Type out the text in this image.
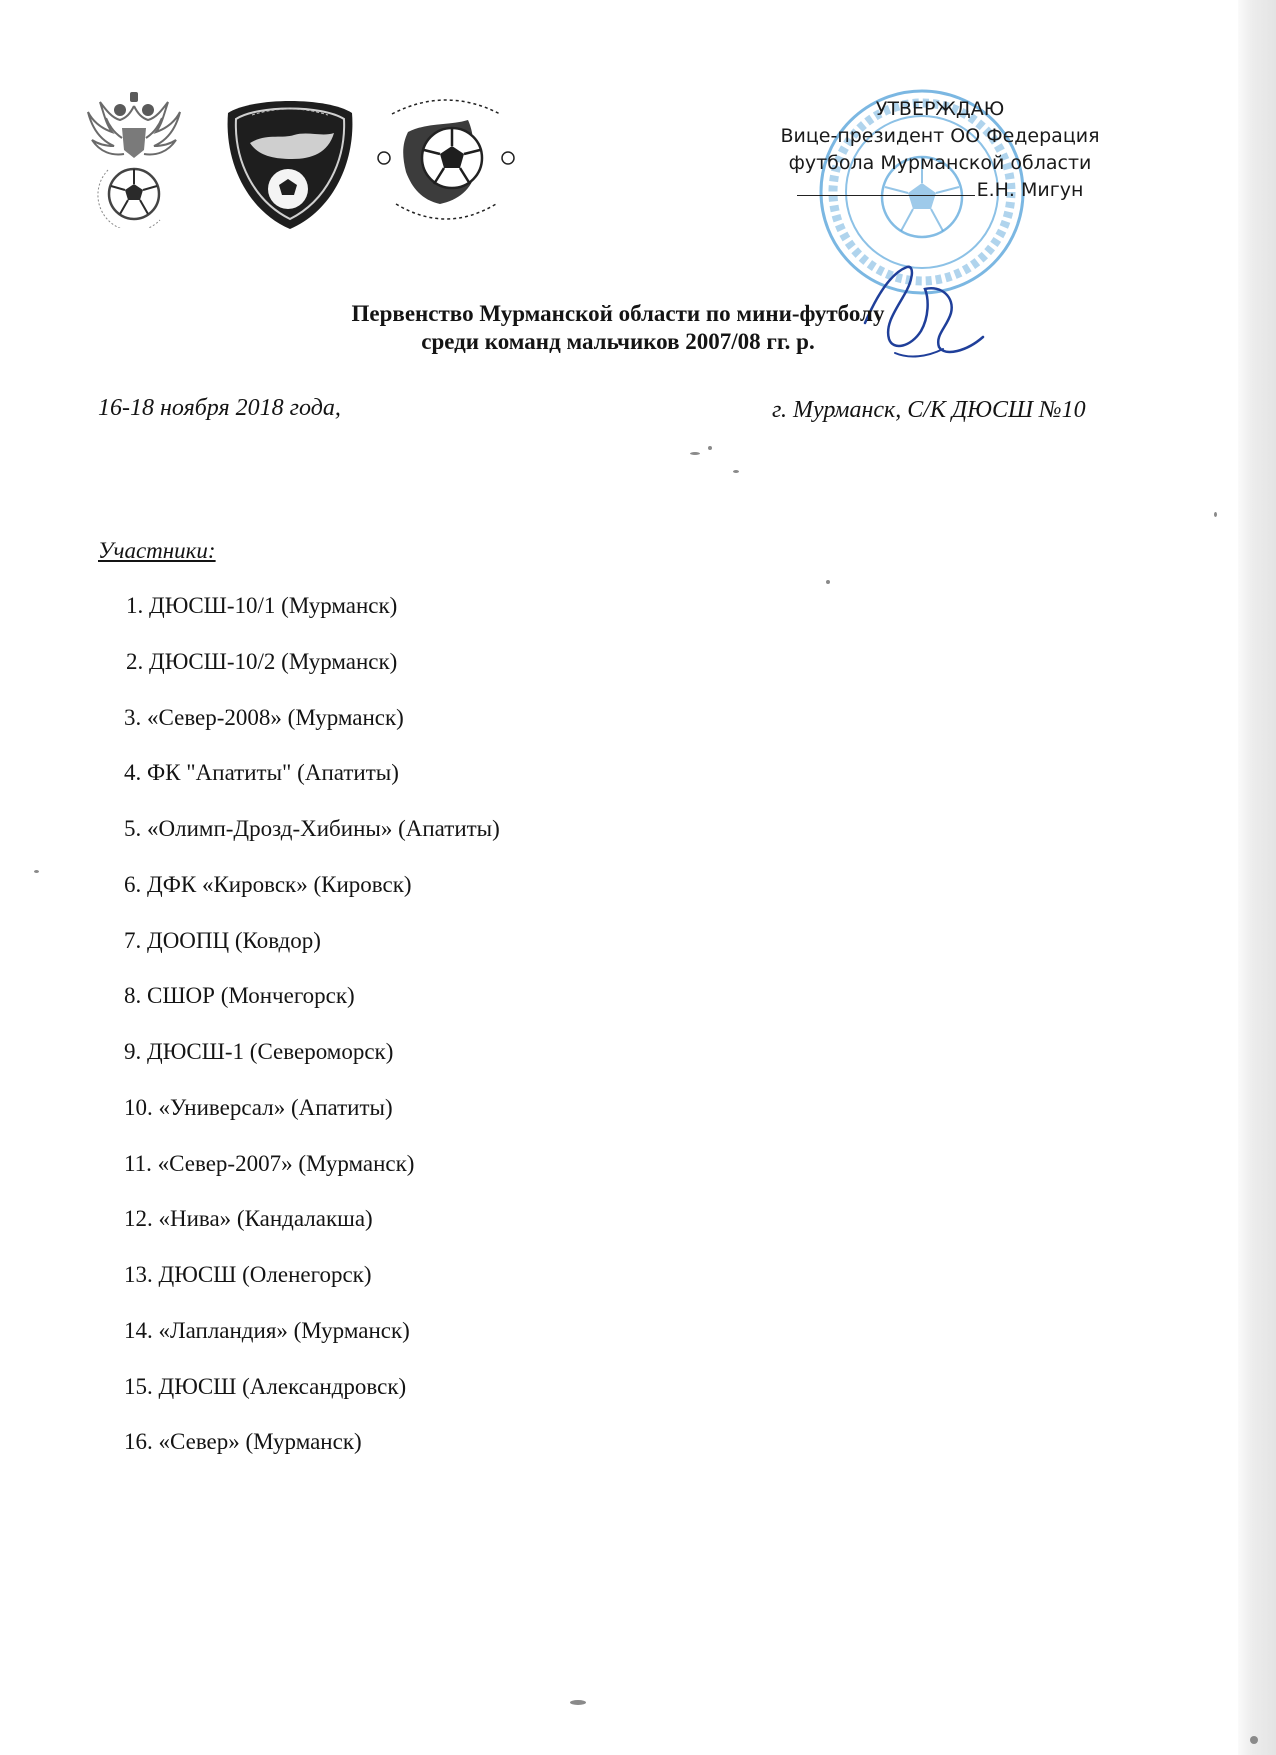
УТВЕРЖДАЮ
Вице-президент ОО Федерация
футбола Мурманской области
Е.Н. Мигун
Первенство Мурманской области по мини-футболу
среди команд мальчиков 2007/08 гг. р.
16-18 ноября 2018 года,	г. Мурманск, С/К ДЮСШ №10
Участники:
1. ДЮСШ-10/1 (Мурманск)
2. ДЮСШ-10/2 (Мурманск)
3. «Север-2008» (Мурманск)
4. ФК "Апатиты" (Апатиты)
5. «Олимп-Дрозд-Хибины» (Апатиты)
6. ДФК «Кировск» (Кировск)
7. ДООПЦ (Ковдор)
8. СШОР (Мончегорск)
9. ДЮСШ-1 (Североморск)
10. «Универсал» (Апатиты)
11. «Север-2007» (Мурманск)
12. «Нива» (Кандалакша)
13. ДЮСШ (Оленегорск)
14. «Лапландия» (Мурманск)
15. ДЮСШ (Александровск)
16. «Север» (Мурманск)
